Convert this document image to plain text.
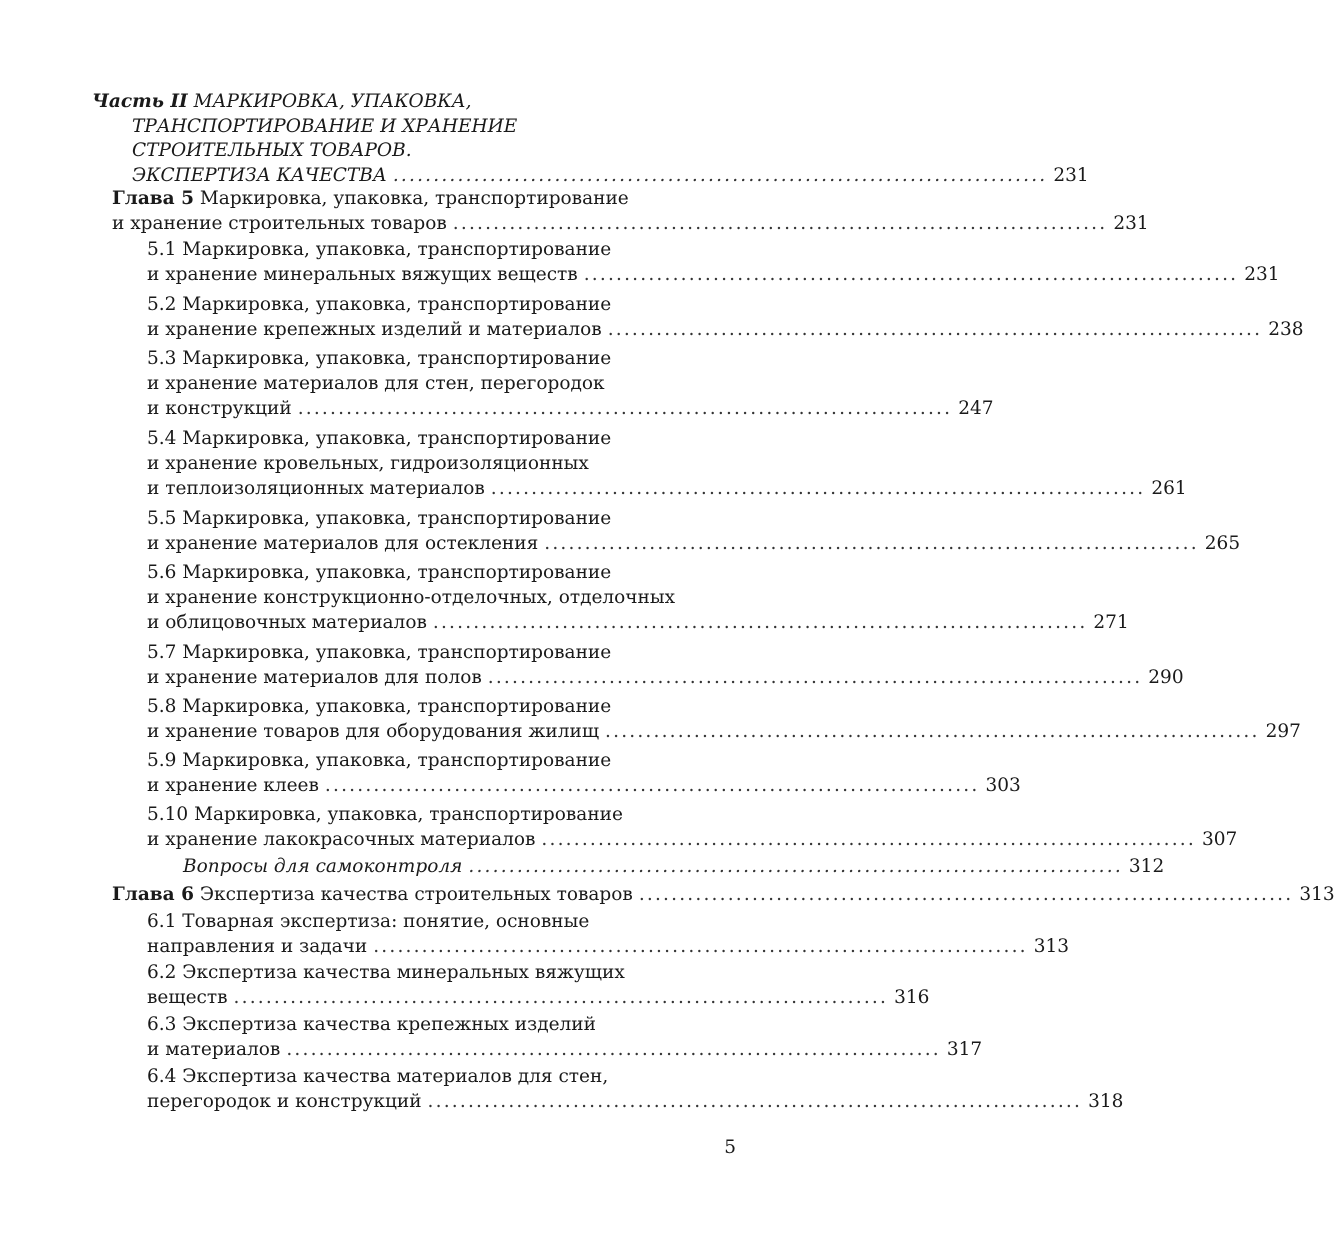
Часть II МАРКИРОВКА, УПАКОВКА,
ТРАНСПОРТИРОВАНИЕ И ХРАНЕНИЕ
СТРОИТЕЛЬНЫХ ТОВАРОВ.
ЭКСПЕРТИЗА КАЧЕСТВА ................................................................................. 231
Глава 5 Маркировка, упаковка, транспортирование
и хранение строительных товаров ................................................................................. 231
5.1 Маркировка, упаковка, транспортирование
и хранение минеральных вяжущих веществ ................................................................................. 231
5.2 Маркировка, упаковка, транспортирование
и хранение крепежных изделий и материалов ................................................................................. 238
5.3 Маркировка, упаковка, транспортирование
и хранение материалов для стен, перегородок
и конструкций ................................................................................. 247
5.4 Маркировка, упаковка, транспортирование
и хранение кровельных, гидроизоляционных
и теплоизоляционных материалов ................................................................................. 261
5.5 Маркировка, упаковка, транспортирование
и хранение материалов для остекления ................................................................................. 265
5.6 Маркировка, упаковка, транспортирование
и хранение конструкционно-отделочных, отделочных
и облицовочных материалов ................................................................................. 271
5.7 Маркировка, упаковка, транспортирование
и хранение материалов для полов ................................................................................. 290
5.8 Маркировка, упаковка, транспортирование
и хранение товаров для оборудования жилищ ................................................................................. 297
5.9 Маркировка, упаковка, транспортирование
и хранение клеев ................................................................................. 303
5.10 Маркировка, упаковка, транспортирование
и хранение лакокрасочных материалов ................................................................................. 307
Вопросы для самоконтроля ................................................................................. 312
Глава 6 Экспертиза качества строительных товаров ................................................................................. 313
6.1 Товарная экспертиза: понятие, основные
направления и задачи ................................................................................. 313
6.2 Экспертиза качества минеральных вяжущих
веществ ................................................................................. 316
6.3 Экспертиза качества крепежных изделий
и материалов ................................................................................. 317
6.4 Экспертиза качества материалов для стен,
перегородок и конструкций ................................................................................. 318
5
